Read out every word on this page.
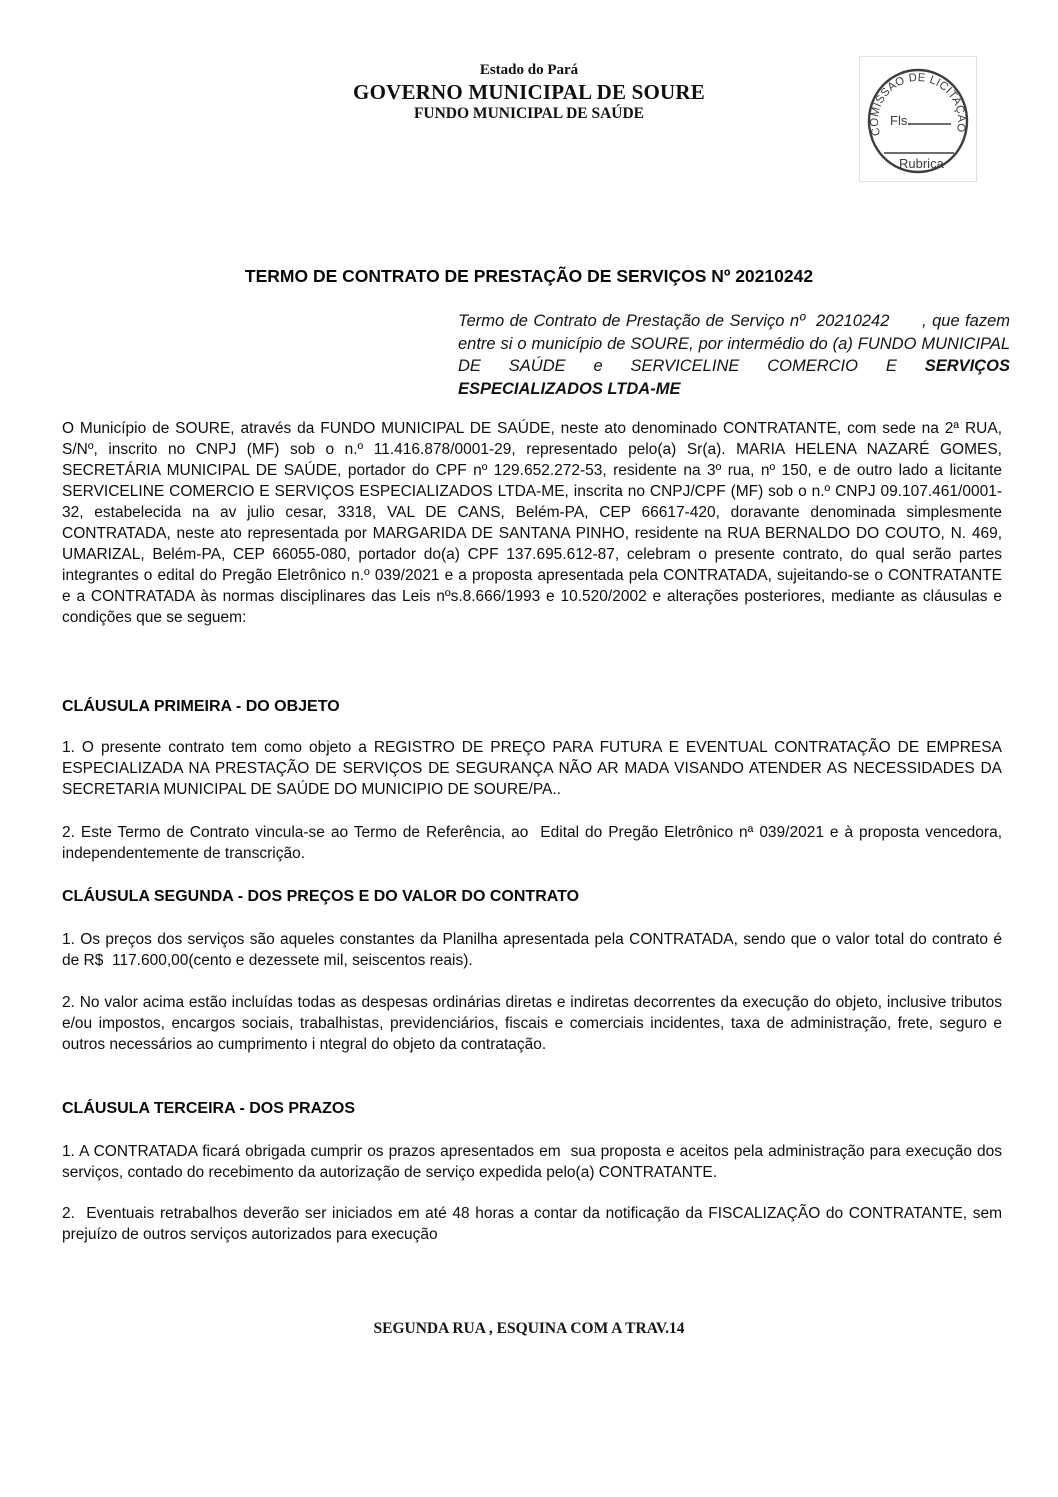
Estado do Pará
GOVERNO MUNICIPAL DE SOURE
FUNDO MUNICIPAL DE SAÚDE
COMISSÃO DE LICITAÇÃO
Fls.
Rubrica
TERMO DE CONTRATO DE PRESTAÇÃO DE SERVIÇOS Nº 20210242
Termo de Contrato de Prestação de Serviço nº  20210242      , que fazem entre si o município de SOURE, por intermédio do (a) FUNDO MUNICIPAL DE SAÚDE e SERVICELINE COMERCIO E SERVIÇOS ESPECIALIZADOS LTDA-ME
O Município de SOURE, através da FUNDO MUNICIPAL DE SAÚDE, neste ato denominado CONTRATANTE, com sede na 2ª RUA, S/Nº, inscrito no CNPJ (MF) sob o n.º 11.416.878/0001-29, representado pelo(a) Sr(a). MARIA HELENA NAZARÉ GOMES,  SECRETÁRIA MUNICIPAL DE SAÚDE, portador do CPF nº 129.652.272-53, residente na 3º rua, nº 150, e de outro lado a licitante   SERVICELINE COMERCIO E SERVIÇOS ESPECIALIZADOS LTDA-ME, inscrita no CNPJ/CPF (MF) sob o n.º CNPJ 09.107.461/0001-32, estabelecida na av julio cesar, 3318, VAL DE CANS, Belém-PA, CEP 66617-420, doravante denominada simplesmente CONTRATADA, neste ato representada por MARGARIDA DE SANTANA PINHO, residente na RUA BERNALDO DO COUTO, N. 469, UMARIZAL, Belém-PA, CEP 66055-080, portador do(a) CPF 137.695.612-87, celebram o presente contrato, do qual serão partes integrantes o edital do Pregão Eletrônico n.º 039/2021 e a proposta apresentada pela CONTRATADA, sujeitando-se o CONTRATANTE e a CONTRATADA às normas disciplinares das Leis nºs.8.666/1993 e 10.520/2002 e alterações posteriores, mediante as cláusulas e condições que se seguem:
CLÁUSULA PRIMEIRA - DO OBJETO
1. O presente contrato tem como objeto a REGISTRO DE PREÇO PARA FUTURA E EVENTUAL CONTRATAÇÃO DE EMPRESA ESPECIALIZADA NA PRESTAÇÃO DE SERVIÇOS DE SEGURANÇA NÃO AR MADA VISANDO ATENDER AS NECESSIDADES DA SECRETARIA MUNICIPAL DE SAÚDE DO MUNICIPIO DE SOURE/PA..
2. Este Termo de Contrato vincula-se ao Termo de Referência, ao  Edital do Pregão Eletrônico nª 039/2021 e à proposta vencedora, independentemente de transcrição.
CLÁUSULA SEGUNDA - DOS PREÇOS E DO VALOR DO CONTRATO
1. Os preços dos serviços são aqueles constantes da Planilha apresentada pela CONTRATADA, sendo que o valor total do contrato é de R$  117.600,00(cento e dezessete mil, seiscentos reais).
2. No valor acima estão incluídas todas as despesas ordinárias diretas e indiretas decorrentes da execução do objeto, inclusive tributos e/ou impostos, encargos sociais, trabalhistas, previdenciários, fiscais e comerciais incidentes, taxa de administração, frete, seguro e outros necessários ao cumprimento i ntegral do objeto da contratação.
CLÁUSULA TERCEIRA - DOS PRAZOS
1. A CONTRATADA ficará obrigada cumprir os prazos apresentados em  sua proposta e aceitos pela administração para execução dos serviços, contado do recebimento da autorização de serviço expedida pelo(a) CONTRATANTE.
2.  Eventuais retrabalhos deverão ser iniciados em até 48 horas a contar da notificação da FISCALIZAÇÃO do CONTRATANTE, sem prejuízo de outros serviços autorizados para execução
SEGUNDA RUA , ESQUINA COM A TRAV.14
